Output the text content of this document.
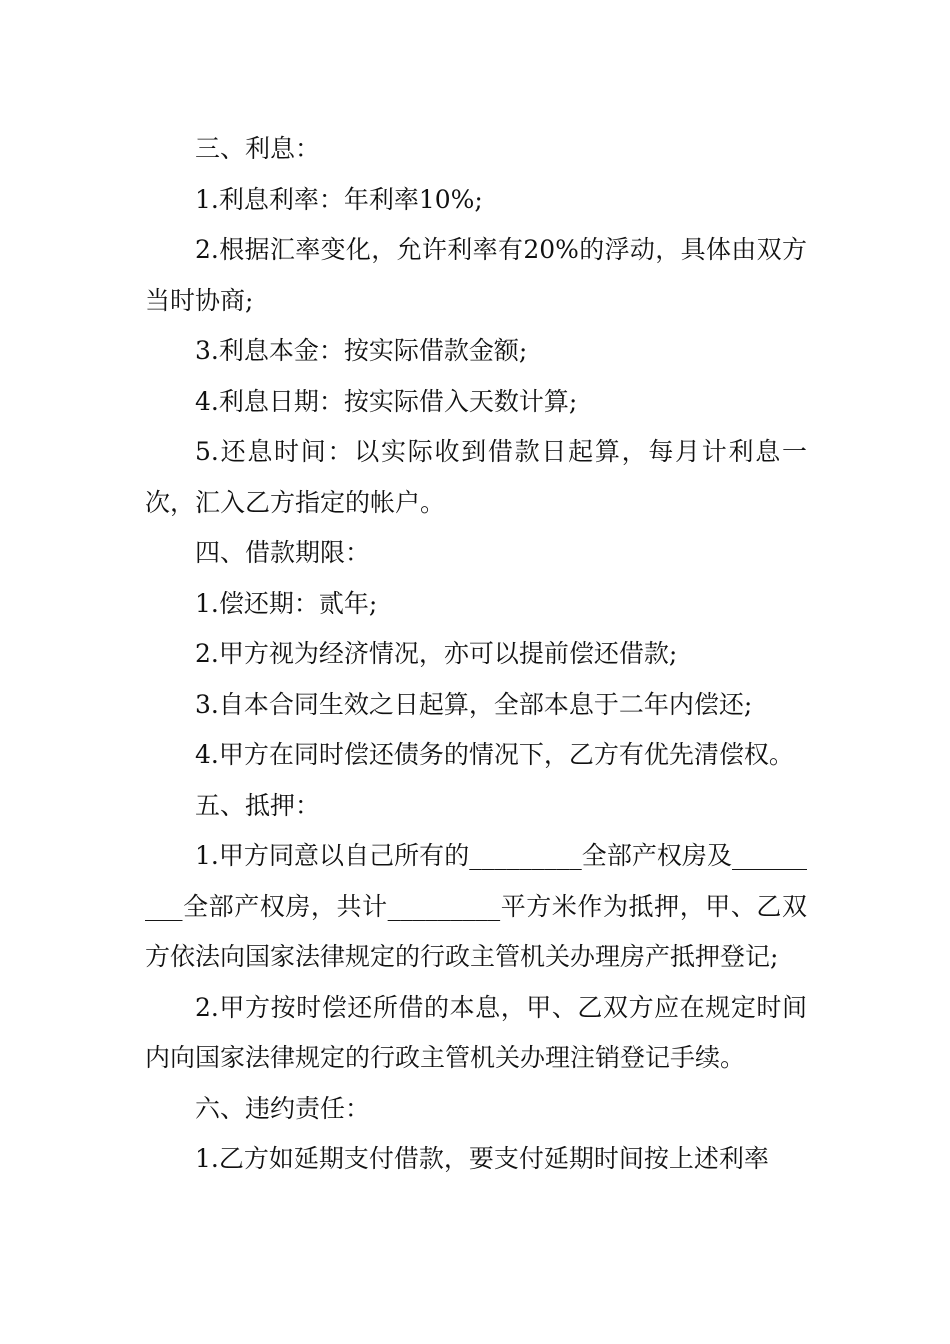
三、利息：

1.利息利率：年利率10%;

2.根据汇率变化，允许利率有20%的浮动，具体由双方当时协商;

3.利息本金：按实际借款金额;

4.利息日期：按实际借入天数计算;

5.还息时间：以实际收到借款日起算，每月计利息一次，汇入乙方指定的帐户。

四、借款期限：

1.偿还期：贰年;

2.甲方视为经济情况，亦可以提前偿还借款;

3.自本合同生效之日起算，全部本息于二年内偿还;

4.甲方在同时偿还债务的情况下，乙方有优先清偿权。

五、抵押：

1.甲方同意以自己所有的_________全部产权房及_________全部产权房，共计_________平方米作为抵押，甲、乙双方依法向国家法律规定的行政主管机关办理房产抵押登记;

2.甲方按时偿还所借的本息，甲、乙双方应在规定时间内向国家法律规定的行政主管机关办理注销登记手续。

六、违约责任：

1.乙方如延期支付借款，要支付延期时间按上述利率
